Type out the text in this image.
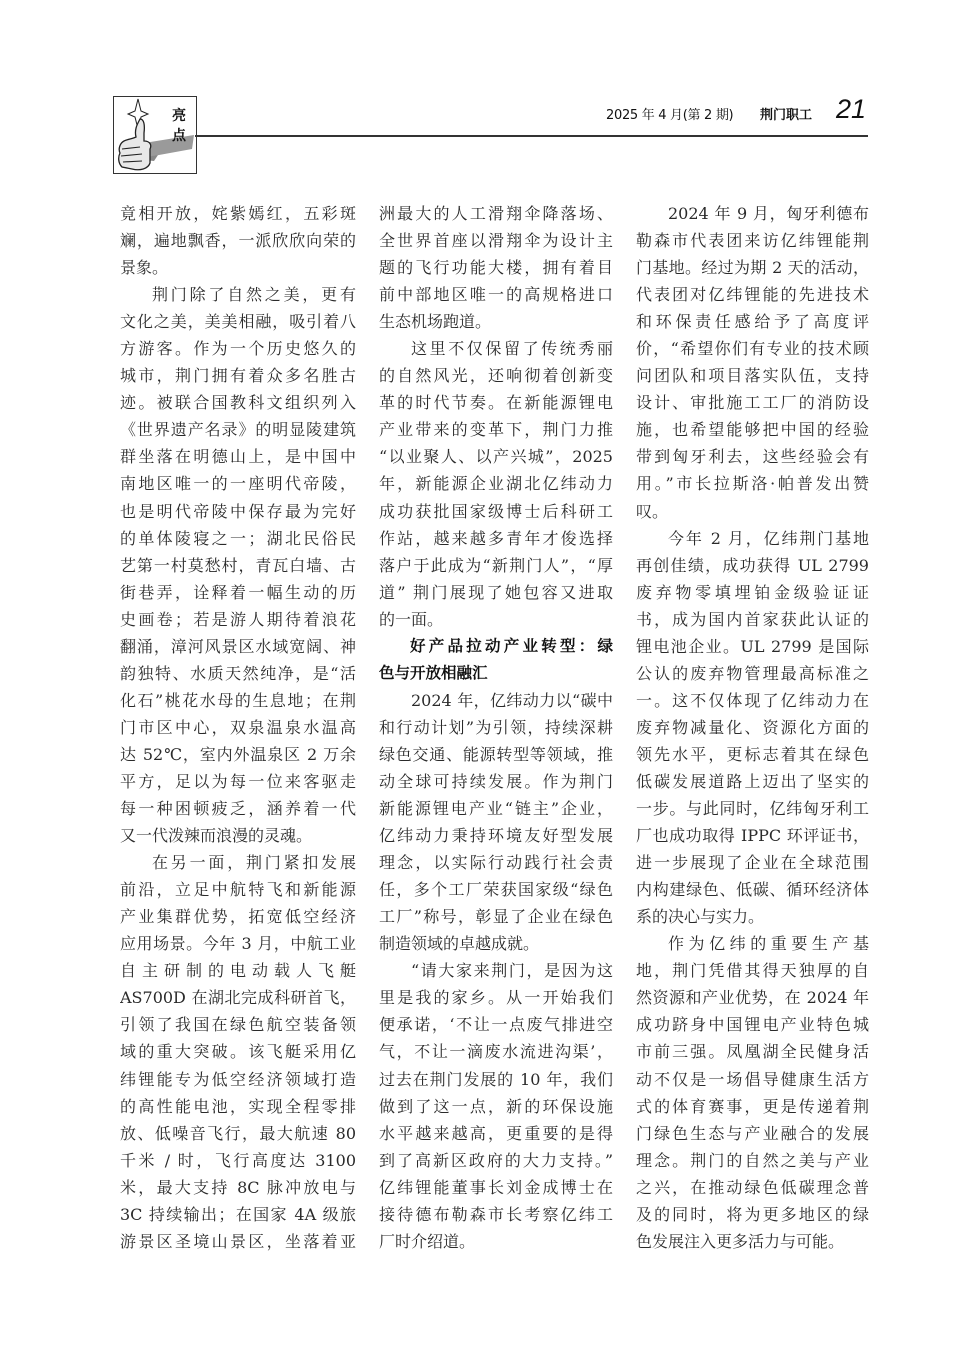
亮点
2025 年 4 月(第 2 期) 荆门职工 21
竟相开放，姹紫嫣红，五彩斑
斓，遍地飘香，一派欣欣向荣的
景象。
荆门除了自然之美，更有
文化之美，美美相融，吸引着八
方游客。作为一个历史悠久的
城市，荆门拥有着众多名胜古
迹。被联合国教科文组织列入
《世界遗产名录》的明显陵建筑
群坐落在明德山上，是中国中
南地区唯一的一座明代帝陵，
也是明代帝陵中保存最为完好
的单体陵寝之一；湖北民俗民
艺第一村莫愁村，青瓦白墙、古
街巷弄，诠释着一幅生动的历
史画卷；若是游人期待着浪花
翻涌，漳河风景区水域宽阔、神
韵独特、水质天然纯净，是“活
化石”桃花水母的生息地；在荆
门市区中心，双泉温泉水温高
达 52℃，室内外温泉区 2 万余
平方，足以为每一位来客驱走
每一种困顿疲乏，涵养着一代
又一代泼辣而浪漫的灵魂。
在另一面，荆门紧扣发展
前沿，立足中航特飞和新能源
产业集群优势，拓宽低空经济
应用场景。今年 3 月，中航工业
自主研制的电动载人飞艇
AS700D 在湖北完成科研首飞，
引领了我国在绿色航空装备领
域的重大突破。该飞艇采用亿
纬锂能专为低空经济领域打造
的高性能电池，实现全程零排
放、低噪音飞行，最大航速 80
千米 / 时，飞行高度达 3100
米，最大支持 8C 脉冲放电与
3C 持续输出；在国家 4A 级旅
游景区圣境山景区，坐落着亚
洲最大的人工滑翔伞降落场、
全世界首座以滑翔伞为设计主
题的飞行功能大楼，拥有着目
前中部地区唯一的高规格进口
生态机场跑道。
这里不仅保留了传统秀丽
的自然风光，还响彻着创新变
革的时代节奏。在新能源锂电
产业带来的变革下，荆门力推
“以业聚人、以产兴城”，2025
年，新能源企业湖北亿纬动力
成功获批国家级博士后科研工
作站，越来越多青年才俊选择
落户于此成为“新荆门人”，“厚
道” 荆门展现了她包容又进取
的一面。
好产品拉动产业转型：绿
色与开放相融汇
2024 年，亿纬动力以“碳中
和行动计划”为引领，持续深耕
绿色交通、能源转型等领域，推
动全球可持续发展。作为荆门
新能源锂电产业“链主”企业，
亿纬动力秉持环境友好型发展
理念，以实际行动践行社会责
任，多个工厂荣获国家级“绿色
工厂”称号，彰显了企业在绿色
制造领域的卓越成就。
“请大家来荆门，是因为这
里是我的家乡。从一开始我们
便承诺，‘不让一点废气排进空
气，不让一滴废水流进沟渠’，
过去在荆门发展的 10 年，我们
做到了这一点，新的环保设施
水平越来越高，更重要的是得
到了高新区政府的大力支持。”
亿纬锂能董事长刘金成博士在
接待德布勒森市长考察亿纬工
厂时介绍道。
2024 年 9 月，匈牙利德布
勒森市代表团来访亿纬锂能荆
门基地。经过为期 2 天的活动，
代表团对亿纬锂能的先进技术
和环保责任感给予了高度评
价，“希望你们有专业的技术顾
问团队和项目落实队伍，支持
设计、审批施工工厂的消防设
施，也希望能够把中国的经验
带到匈牙利去，这些经验会有
用。”市长拉斯洛·帕普发出赞
叹。
今年 2 月，亿纬荆门基地
再创佳绩，成功获得 UL 2799
废弃物零填埋铂金级验证证
书，成为国内首家获此认证的
锂电池企业。UL 2799 是国际
公认的废弃物管理最高标准之
一。这不仅体现了亿纬动力在
废弃物减量化、资源化方面的
领先水平，更标志着其在绿色
低碳发展道路上迈出了坚实的
一步。与此同时，亿纬匈牙利工
厂也成功取得 IPPC 环评证书，
进一步展现了企业在全球范围
内构建绿色、低碳、循环经济体
系的决心与实力。
作为亿纬的重要生产基
地，荆门凭借其得天独厚的自
然资源和产业优势，在 2024 年
成功跻身中国锂电产业特色城
市前三强。凤凰湖全民健身活
动不仅是一场倡导健康生活方
式的体育赛事，更是传递着荆
门绿色生态与产业融合的发展
理念。荆门的自然之美与产业
之兴，在推动绿色低碳理念普
及的同时，将为更多地区的绿
色发展注入更多活力与可能。
